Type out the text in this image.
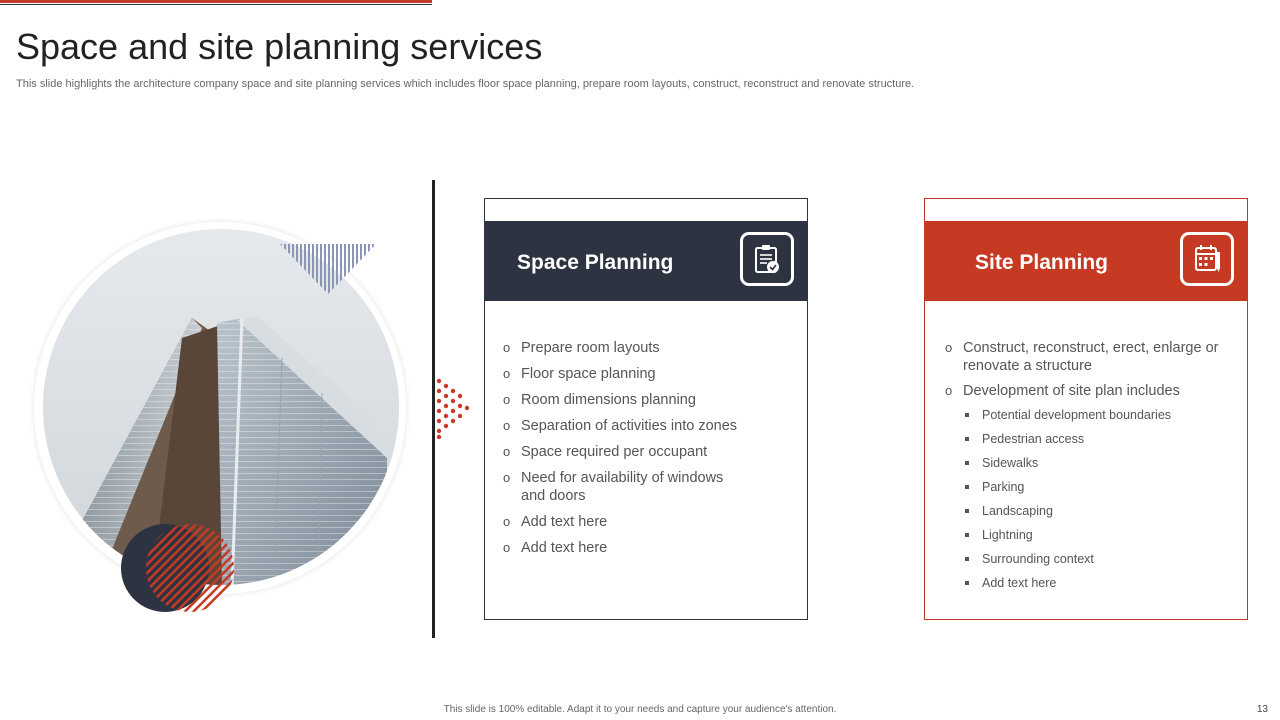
Space and site planning services
This slide highlights the architecture company space and site planning services which includes floor space planning, prepare room layouts, construct, reconstruct and renovate structure.
Space Planning
o Prepare room layouts
o Floor space planning
o Room dimensions planning
o Separation of activities into zones
o Space required per occupant
o Need for availability of windows and doors
o Add text here
o Add text here
Site Planning
o Construct, reconstruct, erect, enlarge or renovate a structure
o Development of site plan includes
Potential development boundaries
Pedestrian access
Sidewalks
Parking
Landscaping
Lightning
Surrounding context
Add text here
This slide is 100% editable. Adapt it to your needs and capture your audience's attention.	13
